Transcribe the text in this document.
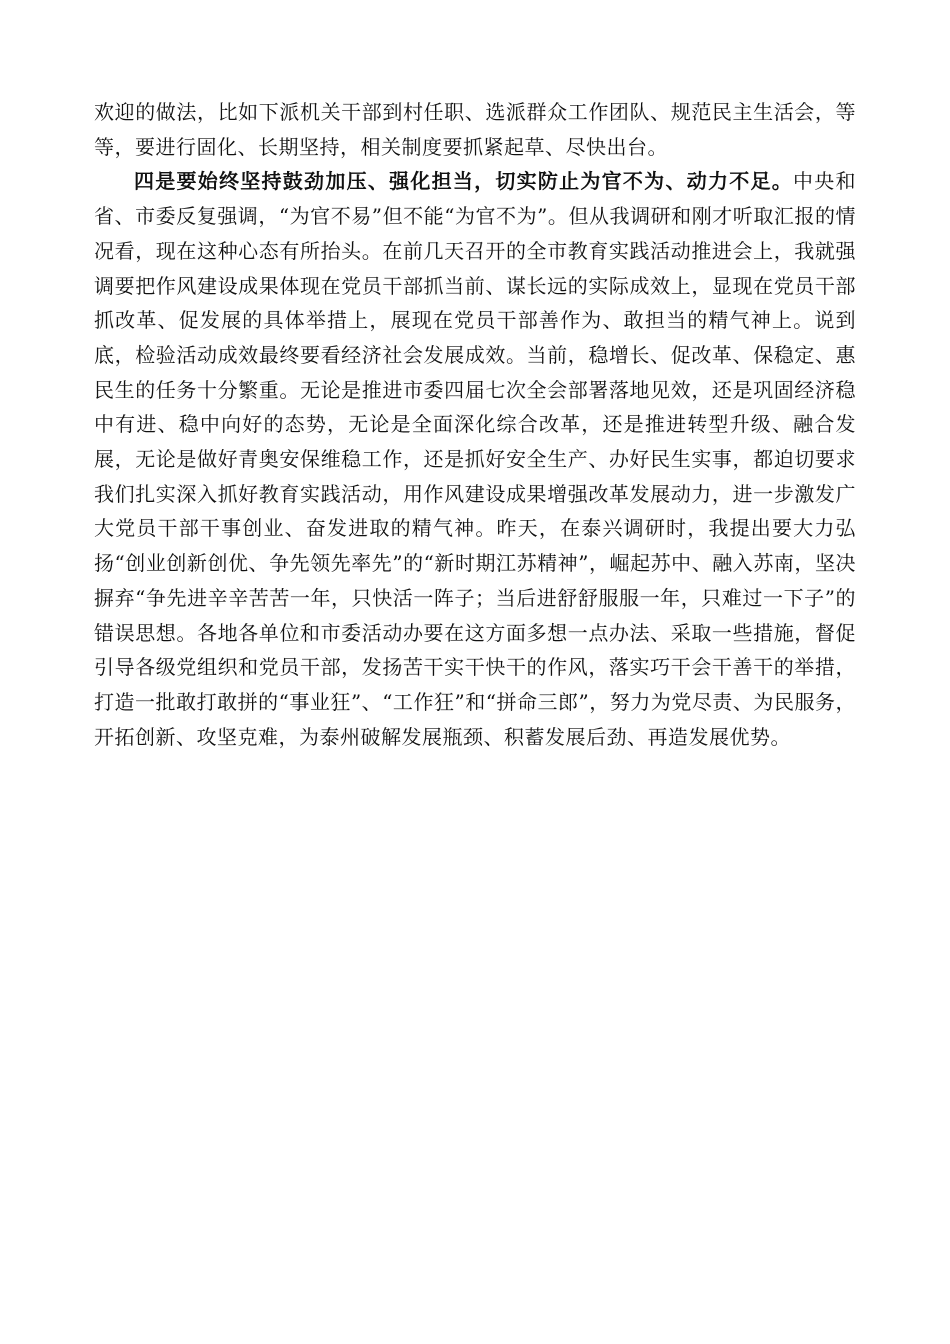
欢迎的做法，比如下派机关干部到村任职、选派群众工作团队、规范民主生活会，等等，要进行固化、长期坚持，相关制度要抓紧起草、尽快出台。

四是要始终坚持鼓劲加压、强化担当，切实防止为官不为、动力不足。中央和省、市委反复强调，“为官不易”但不能“为官不为”。但从我调研和刚才听取汇报的情况看，现在这种心态有所抬头。在前几天召开的全市教育实践活动推进会上，我就强调要把作风建设成果体现在党员干部抓当前、谋长远的实际成效上，显现在党员干部抓改革、促发展的具体举措上，展现在党员干部善作为、敢担当的精气神上。说到底，检验活动成效最终要看经济社会发展成效。当前，稳增长、促改革、保稳定、惠民生的任务十分繁重。无论是推进市委四届七次全会部署落地见效，还是巩固经济稳中有进、稳中向好的态势，无论是全面深化综合改革，还是推进转型升级、融合发展，无论是做好青奥安保维稳工作，还是抓好安全生产、办好民生实事，都迫切要求我们扎实深入抓好教育实践活动，用作风建设成果增强改革发展动力，进一步激发广大党员干部干事创业、奋发进取的精气神。昨天，在泰兴调研时，我提出要大力弘扬“创业创新创优、争先领先率先”的“新时期江苏精神”，崛起苏中、融入苏南，坚决摒弃“争先进辛辛苦苦一年，只快活一阵子；当后进舒舒服服一年，只难过一下子”的错误思想。各地各单位和市委活动办要在这方面多想一点办法、采取一些措施，督促引导各级党组织和党员干部，发扬苦干实干快干的作风，落实巧干会干善干的举措，打造一批敢打敢拼的“事业狂”、“工作狂”和“拼命三郎”，努力为党尽责、为民服务，开拓创新、攻坚克难，为泰州破解发展瓶颈、积蓄发展后劲、再造发展优势。
